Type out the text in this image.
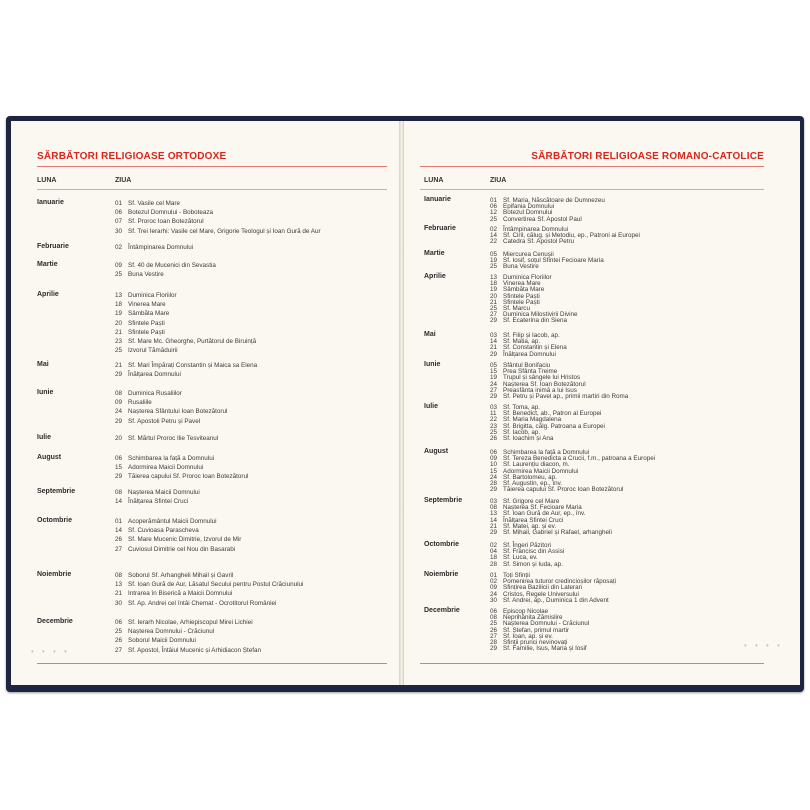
SĂRBĂTORI RELIGIOASE ORTODOXE
LUNA	ZIUA
Ianuarie	01 Sf. Vasile cel Mare
06 Botezul Domnului - Boboteaza
07 Sf. Proroc Ioan Botezătorul
30 Sf. Trei Ierarhi: Vasile cel Mare, Grigorie Teologul și Ioan Gură de Aur
Februarie	02 Întâmpinarea Domnului
Martie	09 Sf. 40 de Mucenici din Sevastia
25 Buna Vestire
Aprilie	13 Duminica Floriilor
18 Vinerea Mare
19 Sâmbăta Mare
20 Sfintele Paști
21 Sfintele Paști
23 Sf. Mare Mc. Gheorghe, Purtătorul de Biruință
25 Izvorul Tămăduirii
Mai	21 Sf. Mari Împărați Constantin și Maica sa Elena
29 Înălțarea Domnului
Iunie	08 Duminica Rusaliilor
09 Rusaliile
24 Nașterea Sfântului Ioan Botezătorul
29 Sf. Apostoli Petru și Pavel
Iulie	20 Sf. Mărtul Proroc Ilie Tesviteanul
August	06 Schimbarea la față a Domnului
15 Adormirea Maicii Domnului
29 Tăierea capului Sf. Proroc Ioan Botezătorul
Septembrie	08 Nașterea Maicii Domnului
14 Înălțarea Sfintei Cruci
Octombrie	01 Acoperământul Maicii Domnului
14 Sf. Cuvioasa Parascheva
26 Sf. Mare Mucenic Dimitrie, Izvorul de Mir
27 Cuviosul Dimitrie cel Nou din Basarabi
Noiembrie	08 Soborul Sf. Arhangheli Mihail și Gavril
13 Sf. Ioan Gură de Aur, Lăsatul Secului pentru Postul Crăciunului
21 Intrarea în Biserică a Maicii Domnului
30 Sf. Ap. Andrei cel întâi Chemat - Ocrotitorul României
Decembrie	06 Sf. Ierarh Nicolae, Arhiepiscopul Mirei Lichiei
25 Nașterea Domnului - Crăciunul
26 Soborul Maicii Domnului
27 Sf. Apostol, Întâiul Mucenic și Arhidiacon Ștefan
• • • •
SĂRBĂTORI RELIGIOASE ROMANO-CATOLICE
LUNA	ZIUA
Ianuarie	01 Sf. Maria, Născătoare de Dumnezeu
06 Epifania Domnului
12 Botezul Domnului
25 Convertirea Sf. Apostol Paul
Februarie	02 Întâmpinarea Domnului
14 Sf. Ciril, călug. și Metodiu, ep., Patroni ai Europei
22 Catedra Sf. Apostol Petru
Martie	05 Miercurea Cenușii
19 Sf. Iosif, soțul Sfintei Fecioare Maria
25 Buna Vestire
Aprilie	13 Duminica Floriilor
18 Vinerea Mare
19 Sâmbăta Mare
20 Sfintele Paști
21 Sfintele Paști
25 Sf. Marcu
27 Duminica Milostivirii Divine
29 Sf. Ecaterina din Siena
Mai	03 Sf. Filip și Iacob, ap.
14 Sf. Matia, ap.
21 Sf. Constantin și Elena
29 Înălțarea Domnului
Iunie	05 Sfântul Bonifaciu
15 Prea Sfânta Treime
19 Trupul și sângele lui Hristos
24 Nașterea Sf. Ioan Botezătorul
27 Preasfânta inimă a lui Isus
29 Sf. Petru și Pavel ap., primii martiri din Roma
Iulie	03 Sf. Toma, ap.
11 Sf. Benedict, ab., Patron al Europei
22 Sf. Maria Magdalena
23 Sf. Brigitta, călg. Patroana a Europei
25 Sf. Iacob, ap.
26 Sf. Ioachim și Ana
August	06 Schimbarea la față a Domnului
09 Sf. Tereza Benedicta a Crucii, f.m., patroana a Europei
10 Sf. Laurențiu diacon, m.
15 Adormirea Maicii Domnului
24 Sf. Bartolomeu, ap.
28 Sf. Augustin, ep., înv.
29 Tăierea capului Sf. Proroc Ioan Botezătorul
Septembrie	03 Sf. Grigore cel Mare
08 Nașterea Sf. Fecioare Maria
13 Sf. Ioan Gură de Aur, ep., înv.
14 Înălțarea Sfintei Cruci
21 Sf. Matei, ap. și ev.
29 Sf. Mihail, Gabriel și Rafael, arhangheli
Octombrie	02 Sf. Îngeri Păzitori
04 Sf. Francisc din Assisi
18 Sf. Luca, ev.
28 Sf. Simon și Iuda, ap.
Noiembrie	01 Toți Sfinții
02 Pomenirea tuturor credincioșilor răposați
09 Sfințirea Bazilicii din Lateran
24 Cristos, Regele Universului
30 Sf. Andrei, ap., Duminica 1 din Advent
Decembrie	06 Episcop Nicolae
08 Neprihănita Zămislire
25 Nașterea Domnului - Crăciunul
26 Sf. Ștefan, primul martir
27 Sf. Ioan, ap. și ev.
28 Sfinții prunci nevinovați
29 Sf. Familie, Isus, Maria și Iosif	• • • •
